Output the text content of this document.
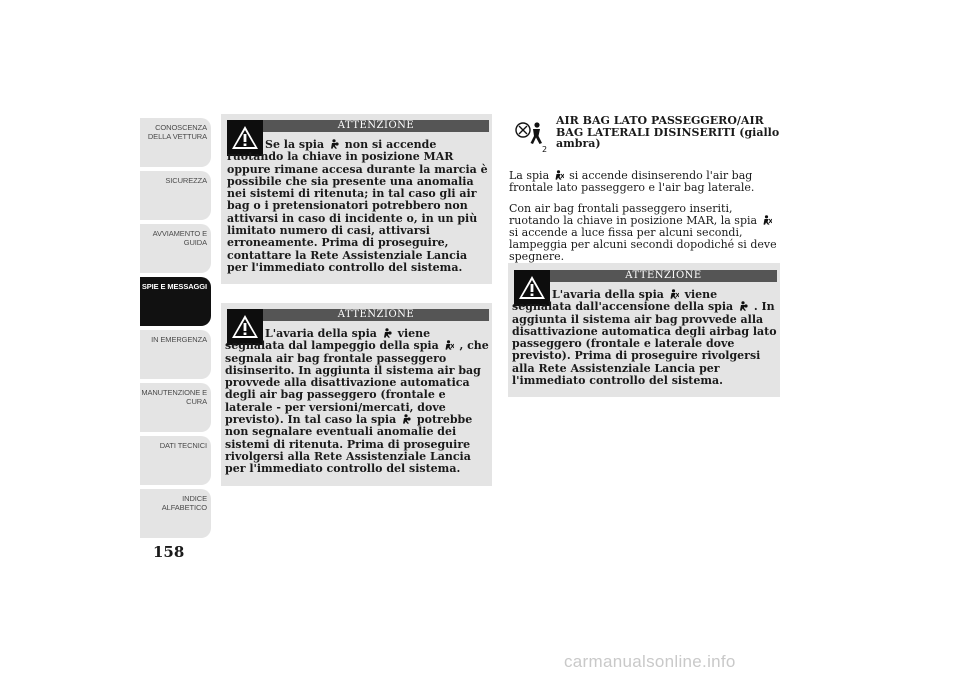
CONOSCENZA
DELLA VETTURA
SICUREZZA
AVVIAMENTO E
GUIDA
SPIE E MESSAGGI
IN EMERGENZA
MANUTENZIONE E
CURA
DATI TECNICI
INDICE
ALFABETICO
158
ATTENZIONE

Se la spia non si accende ruotando la chiave in posizione MAR oppure rimane accesa durante la marcia è possibile che sia presente una anomalia nei sistemi di ritenuta; in tal caso gli air bag o i pretensionatori potrebbero non attivarsi in caso di incidente o, in un più limitato numero di casi, attivarsi erroneamente. Prima di proseguire, contattare la Rete Assistenziale Lancia per l'immediato controllo del sistema.

ATTENZIONE

L'avaria della spia viene segnalata dal lampeggio della spia , che segnala air bag frontale passeggero disinserito. In aggiunta il sistema air bag provvede alla disattivazione automatica degli air bag passeggero (frontale e laterale - per versioni/mercati, dove previsto). In tal caso la spia potrebbe non segnalare eventuali anomalie dei sistemi di ritenuta. Prima di proseguire rivolgersi alla Rete Assistenziale Lancia per l'immediato controllo del sistema.

2
AIR BAG LATO PASSEGGERO/AIR BAG LATERALI DISINSERITI (giallo ambra)
La spia si accende disinserendo l'air bag frontale lato passeggero e l'air bag laterale.
Con air bag frontali passeggero inseriti, ruotando la chiave in posizione MAR, la spia  si accende a luce fissa per alcuni secondi, lampeggia per alcuni secondi dopodiché si deve spegnere.
ATTENZIONE

L'avaria della spia viene segnalata dall'accensione della spia . In aggiunta il sistema air bag provvede alla disattivazione automatica degli airbag lato passeggero (frontale e laterale dove previsto). Prima di proseguire rivolgersi alla Rete Assistenziale Lancia per l'immediato controllo del sistema.

carmanualsonline.info
